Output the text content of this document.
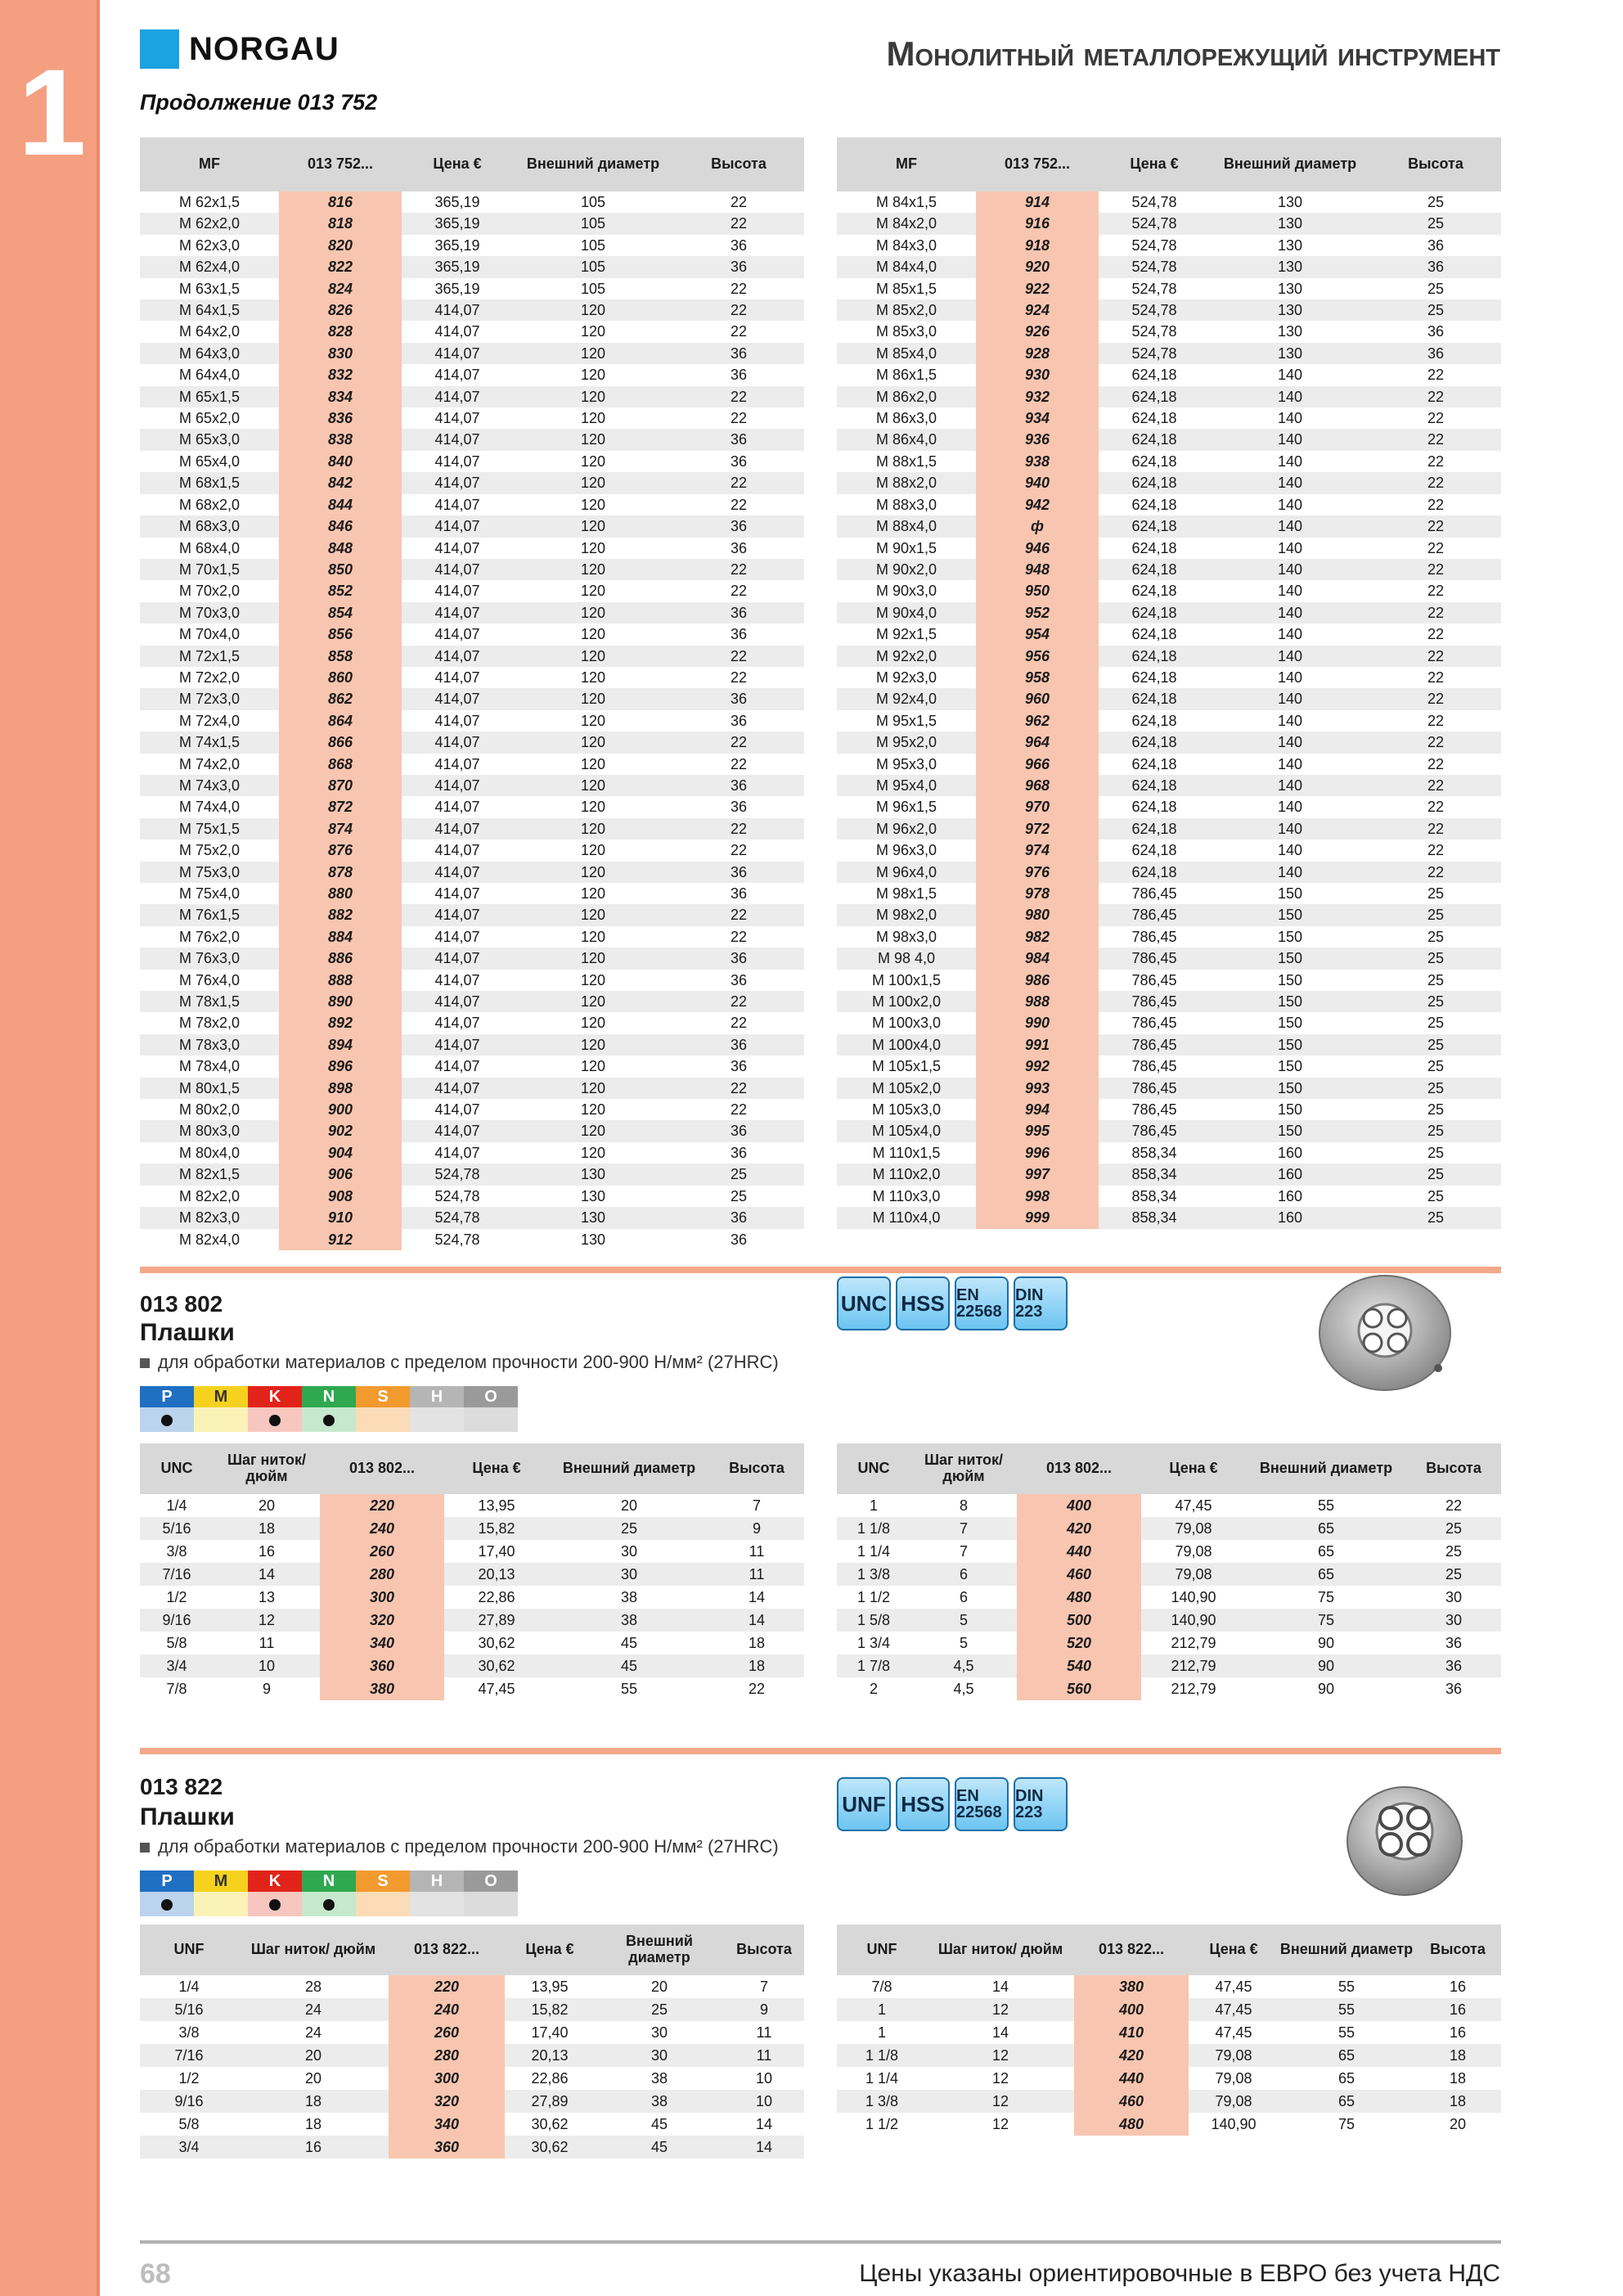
1	NORGAU	Монолитный металлорежущий инструмент
Продолжение 013 752
MF	013 752...	Цена €	Внешний диаметр	Высота
M 62x1,5	816	365,19	105	22
M 62x2,0	818	365,19	105	22
M 62x3,0	820	365,19	105	36
M 62x4,0	822	365,19	105	36
M 63x1,5	824	365,19	105	22
M 64x1,5	826	414,07	120	22
M 64x2,0	828	414,07	120	22
M 64x3,0	830	414,07	120	36
M 64x4,0	832	414,07	120	36
M 65x1,5	834	414,07	120	22
M 65x2,0	836	414,07	120	22
M 65x3,0	838	414,07	120	36
M 65x4,0	840	414,07	120	36
M 68x1,5	842	414,07	120	22
M 68x2,0	844	414,07	120	22
M 68x3,0	846	414,07	120	36
M 68x4,0	848	414,07	120	36
M 70x1,5	850	414,07	120	22
M 70x2,0	852	414,07	120	22
M 70x3,0	854	414,07	120	36
M 70x4,0	856	414,07	120	36
M 72x1,5	858	414,07	120	22
M 72x2,0	860	414,07	120	22
M 72x3,0	862	414,07	120	36
M 72x4,0	864	414,07	120	36
M 74x1,5	866	414,07	120	22
M 74x2,0	868	414,07	120	22
M 74x3,0	870	414,07	120	36
M 74x4,0	872	414,07	120	36
M 75x1,5	874	414,07	120	22
M 75x2,0	876	414,07	120	22
M 75x3,0	878	414,07	120	36
M 75x4,0	880	414,07	120	36
M 76x1,5	882	414,07	120	22
M 76x2,0	884	414,07	120	22
M 76x3,0	886	414,07	120	36
M 76x4,0	888	414,07	120	36
M 78x1,5	890	414,07	120	22
M 78x2,0	892	414,07	120	22
M 78x3,0	894	414,07	120	36
M 78x4,0	896	414,07	120	36
M 80x1,5	898	414,07	120	22
M 80x2,0	900	414,07	120	22
M 80x3,0	902	414,07	120	36
M 80x4,0	904	414,07	120	36
M 82x1,5	906	524,78	130	25
M 82x2,0	908	524,78	130	25
M 82x3,0	910	524,78	130	36
M 82x4,0	912	524,78	130	36
MF	013 752...	Цена €	Внешний диаметр	Высота
M 84x1,5	914	524,78	130	25
M 84x2,0	916	524,78	130	25
M 84x3,0	918	524,78	130	36
M 84x4,0	920	524,78	130	36
M 85x1,5	922	524,78	130	25
M 85x2,0	924	524,78	130	25
M 85x3,0	926	524,78	130	36
M 85x4,0	928	524,78	130	36
M 86x1,5	930	624,18	140	22
M 86x2,0	932	624,18	140	22
M 86x3,0	934	624,18	140	22
M 86x4,0	936	624,18	140	22
M 88x1,5	938	624,18	140	22
M 88x2,0	940	624,18	140	22
M 88x3,0	942	624,18	140	22
M 88x4,0	ф	624,18	140	22
M 90x1,5	946	624,18	140	22
M 90x2,0	948	624,18	140	22
M 90x3,0	950	624,18	140	22
M 90x4,0	952	624,18	140	22
M 92x1,5	954	624,18	140	22
M 92x2,0	956	624,18	140	22
M 92x3,0	958	624,18	140	22
M 92x4,0	960	624,18	140	22
M 95x1,5	962	624,18	140	22
M 95x2,0	964	624,18	140	22
M 95x3,0	966	624,18	140	22
M 95x4,0	968	624,18	140	22
M 96x1,5	970	624,18	140	22
M 96x2,0	972	624,18	140	22
M 96x3,0	974	624,18	140	22
M 96x4,0	976	624,18	140	22
M 98x1,5	978	786,45	150	25
M 98x2,0	980	786,45	150	25
M 98x3,0	982	786,45	150	25
M 98 4,0	984	786,45	150	25
M 100x1,5	986	786,45	150	25
M 100x2,0	988	786,45	150	25
M 100x3,0	990	786,45	150	25
M 100x4,0	991	786,45	150	25
M 105x1,5	992	786,45	150	25
M 105x2,0	993	786,45	150	25
M 105x3,0	994	786,45	150	25
M 105x4,0	995	786,45	150	25
M 110x1,5	996	858,34	160	25
M 110x2,0	997	858,34	160	25
M 110x3,0	998	858,34	160	25
M 110x4,0	999	858,34	160	25
013 802
Плашки
для обработки материалов с пределом прочности 200-900 Н/мм² (27HRC)
P	M	K	N	S	H	O
UNC HSS EN 22568
DIN 223
UNC	Шаг ниток/ дюйм	013 802...	Цена €	Внешний диаметр	Высота
1/4	20	220	13,95	20	7
5/16	18	240	15,82	25	9
3/8	16	260	17,40	30	11
7/16	14	280	20,13	30	11
1/2	13	300	22,86	38	14
9/16	12	320	27,89	38	14
5/8	11	340	30,62	45	18
3/4	10	360	30,62	45	18
7/8	9	380	47,45	55	22
UNC	Шаг ниток/ дюйм	013 802...	Цена €	Внешний диаметр	Высота
1	8	400	47,45	55	22
1 1/8	7	420	79,08	65	25
1 1/4	7	440	79,08	65	25
1 3/8	6	460	79,08	65	25
1 1/2	6	480	140,90	75	30
1 5/8	5	500	140,90	75	30
1 3/4	5	520	212,79	90	36
1 7/8	4,5	540	212,79	90	36
2	4,5	560	212,79	90	36
013 822
Плашки
для обработки материалов с пределом прочности 200-900 Н/мм² (27HRC)
P	M	K	N	S	H	O
UNF HSS EN 22568
DIN 223
UNF	Шаг ниток/ дюйм	013 822...	Цена €	Внешний диаметр	Высота
1/4	28	220	13,95	20	7
5/16	24	240	15,82	25	9
3/8	24	260	17,40	30	11
7/16	20	280	20,13	30	11
1/2	20	300	22,86	38	10
9/16	18	320	27,89	38	10
5/8	18	340	30,62	45	14
3/4	16	360	30,62	45	14
UNF	Шаг ниток/ дюйм	013 822...	Цена €	Внешний диаметр	Высота
7/8	14	380	47,45	55	16
1	12	400	47,45	55	16
1	14	410	47,45	55	16
1 1/8	12	420	79,08	65	18
1 1/4	12	440	79,08	65	18
1 3/8	12	460	79,08	65	18
1 1/2	12	480	140,90	75	20
68	Цены указаны ориентировочные в ЕВРО без учета НДС
